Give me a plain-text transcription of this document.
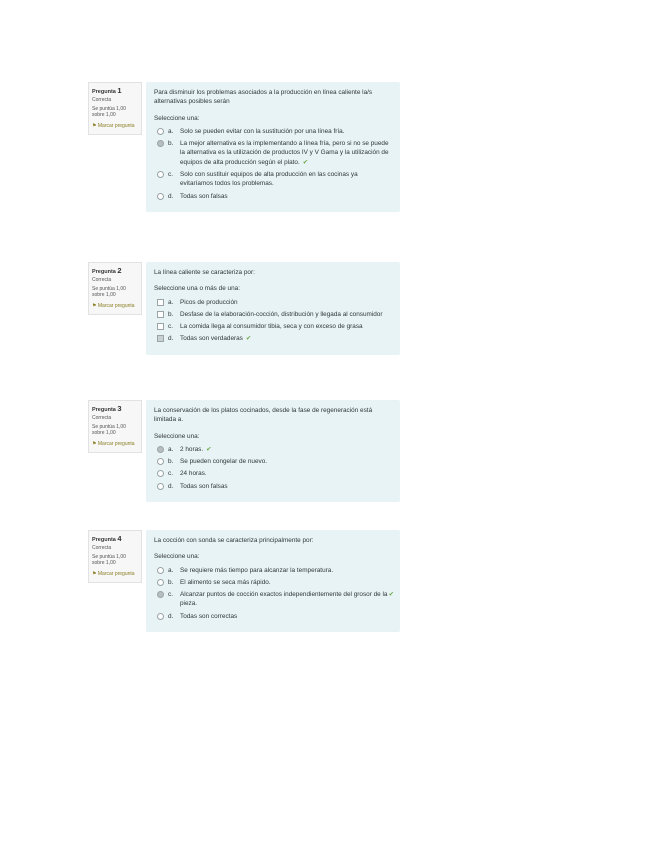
Pregunta 1
Correcta
Se puntúa 1,00 sobre 1,00
⚑ Marcar pregunta
Para disminuir los problemas asociados a la producción en línea caliente la/s alternativas posibles serán
Seleccione una:
a. Solo se pueden evitar con la sustitución por una línea fría.
b. La mejor alternativa es la implementando a línea fría, pero si no se puede la alternativa es la utilización de productos IV y V Gama y la utilización de equipos de alta producción según el plato. ✔
c. Solo con sustituir equipos de alta producción en las cocinas ya evitaríamos todos los problemas.
d. Todas son falsas
Pregunta 2
Correcta
Se puntúa 1,00 sobre 1,00
⚑ Marcar pregunta
La línea caliente se caracteriza por:
Seleccione una o más de una:
a. Picos de producción
b. Desfase de la elaboración-cocción, distribución y llegada al consumidor
c. La comida llega al consumidor tibia, seca y con exceso de grasa
d. Todas son verdaderas ✔
Pregunta 3
Correcta
Se puntúa 1,00 sobre 1,00
⚑ Marcar pregunta
La conservación de los platos cocinados, desde la fase de regeneración está limitada a.
Seleccione una:
a. 2 horas. ✔
b. Se pueden congelar de nuevo.
c. 24 horas.
d. Todas son falsas
Pregunta 4
Correcta
Se puntúa 1,00 sobre 1,00
⚑ Marcar pregunta
La cocción con sonda se caracteriza principalmente por:
Seleccione una:
a. Se requiere más tiempo para alcanzar la temperatura.
b. El alimento se seca más rápido.
c. Alcanzar puntos de cocción exactos independientemente del grosor de la pieza.
✔
d. Todas son correctas
